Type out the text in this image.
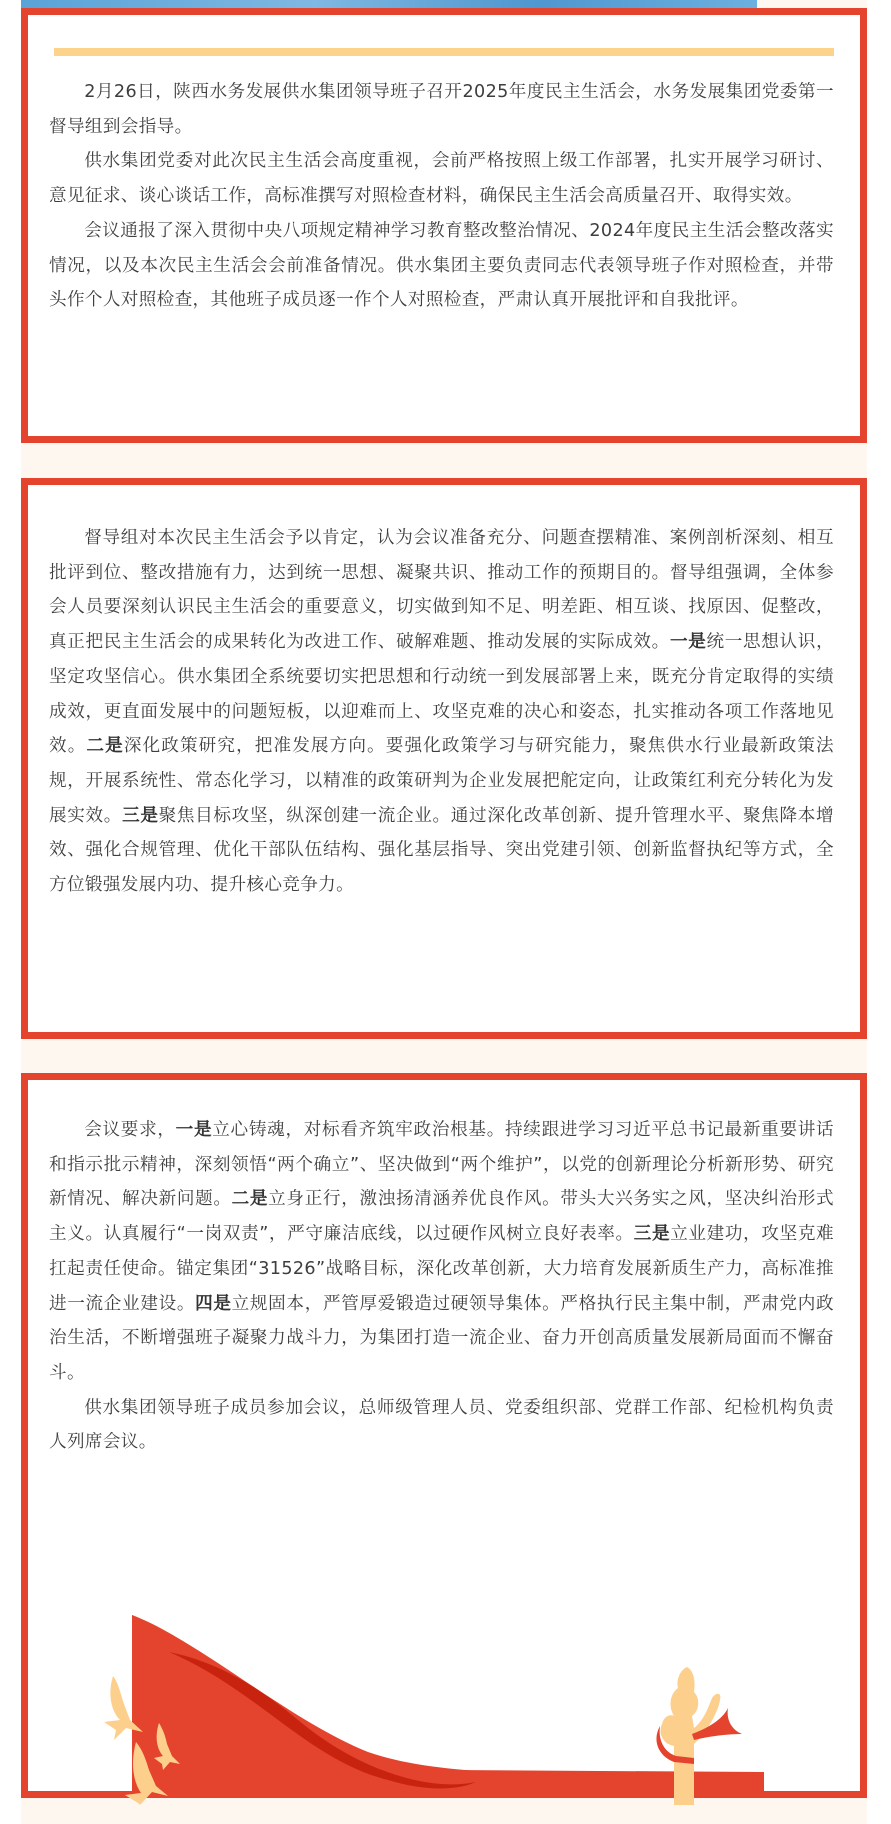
2月26日，陕西水务发展供水集团领导班子召开2025年度民主生活会，水务发展集团党委第一督导组到会指导。

供水集团党委对此次民主生活会高度重视，会前严格按照上级工作部署，扎实开展学习研讨、意见征求、谈心谈话工作，高标准撰写对照检查材料，确保民主生活会高质量召开、取得实效。

会议通报了深入贯彻中央八项规定精神学习教育整改整治情况、2024年度民主生活会整改落实情况，以及本次民主生活会会前准备情况。供水集团主要负责同志代表领导班子作对照检查，并带头作个人对照检查，其他班子成员逐一作个人对照检查，严肃认真开展批评和自我批评。

督导组对本次民主生活会予以肯定，认为会议准备充分、问题查摆精准、案例剖析深刻、相互批评到位、整改措施有力，达到统一思想、凝聚共识、推动工作的预期目的。督导组强调，全体参会人员要深刻认识民主生活会的重要意义，切实做到知不足、明差距、相互谈、找原因、促整改，真正把民主生活会的成果转化为改进工作、破解难题、推动发展的实际成效。一是统一思想认识，坚定攻坚信心。供水集团全系统要切实把思想和行动统一到发展部署上来，既充分肯定取得的实绩成效，更直面发展中的问题短板，以迎难而上、攻坚克难的决心和姿态，扎实推动各项工作落地见效。二是深化政策研究，把准发展方向。要强化政策学习与研究能力，聚焦供水行业最新政策法规，开展系统性、常态化学习，以精准的政策研判为企业发展把舵定向，让政策红利充分转化为发展实效。三是聚焦目标攻坚，纵深创建一流企业。通过深化改革创新、提升管理水平、聚焦降本增效、强化合规管理、优化干部队伍结构、强化基层指导、突出党建引领、创新监督执纪等方式，全方位锻强发展内功、提升核心竞争力。

会议要求，一是立心铸魂，对标看齐筑牢政治根基。持续跟进学习习近平总书记最新重要讲话和指示批示精神，深刻领悟“两个确立”、坚决做到“两个维护”，以党的创新理论分析新形势、研究新情况、解决新问题。二是立身正行，激浊扬清涵养优良作风。带头大兴务实之风，坚决纠治形式主义。认真履行“一岗双责”，严守廉洁底线，以过硬作风树立良好表率。三是立业建功，攻坚克难扛起责任使命。锚定集团“31526”战略目标，深化改革创新，大力培育发展新质生产力，高标准推进一流企业建设。四是立规固本，严管厚爱锻造过硬领导集体。严格执行民主集中制，严肃党内政治生活，不断增强班子凝聚力战斗力，为集团打造一流企业、奋力开创高质量发展新局面而不懈奋斗。

供水集团领导班子成员参加会议，总师级管理人员、党委组织部、党群工作部、纪检机构负责人列席会议。
